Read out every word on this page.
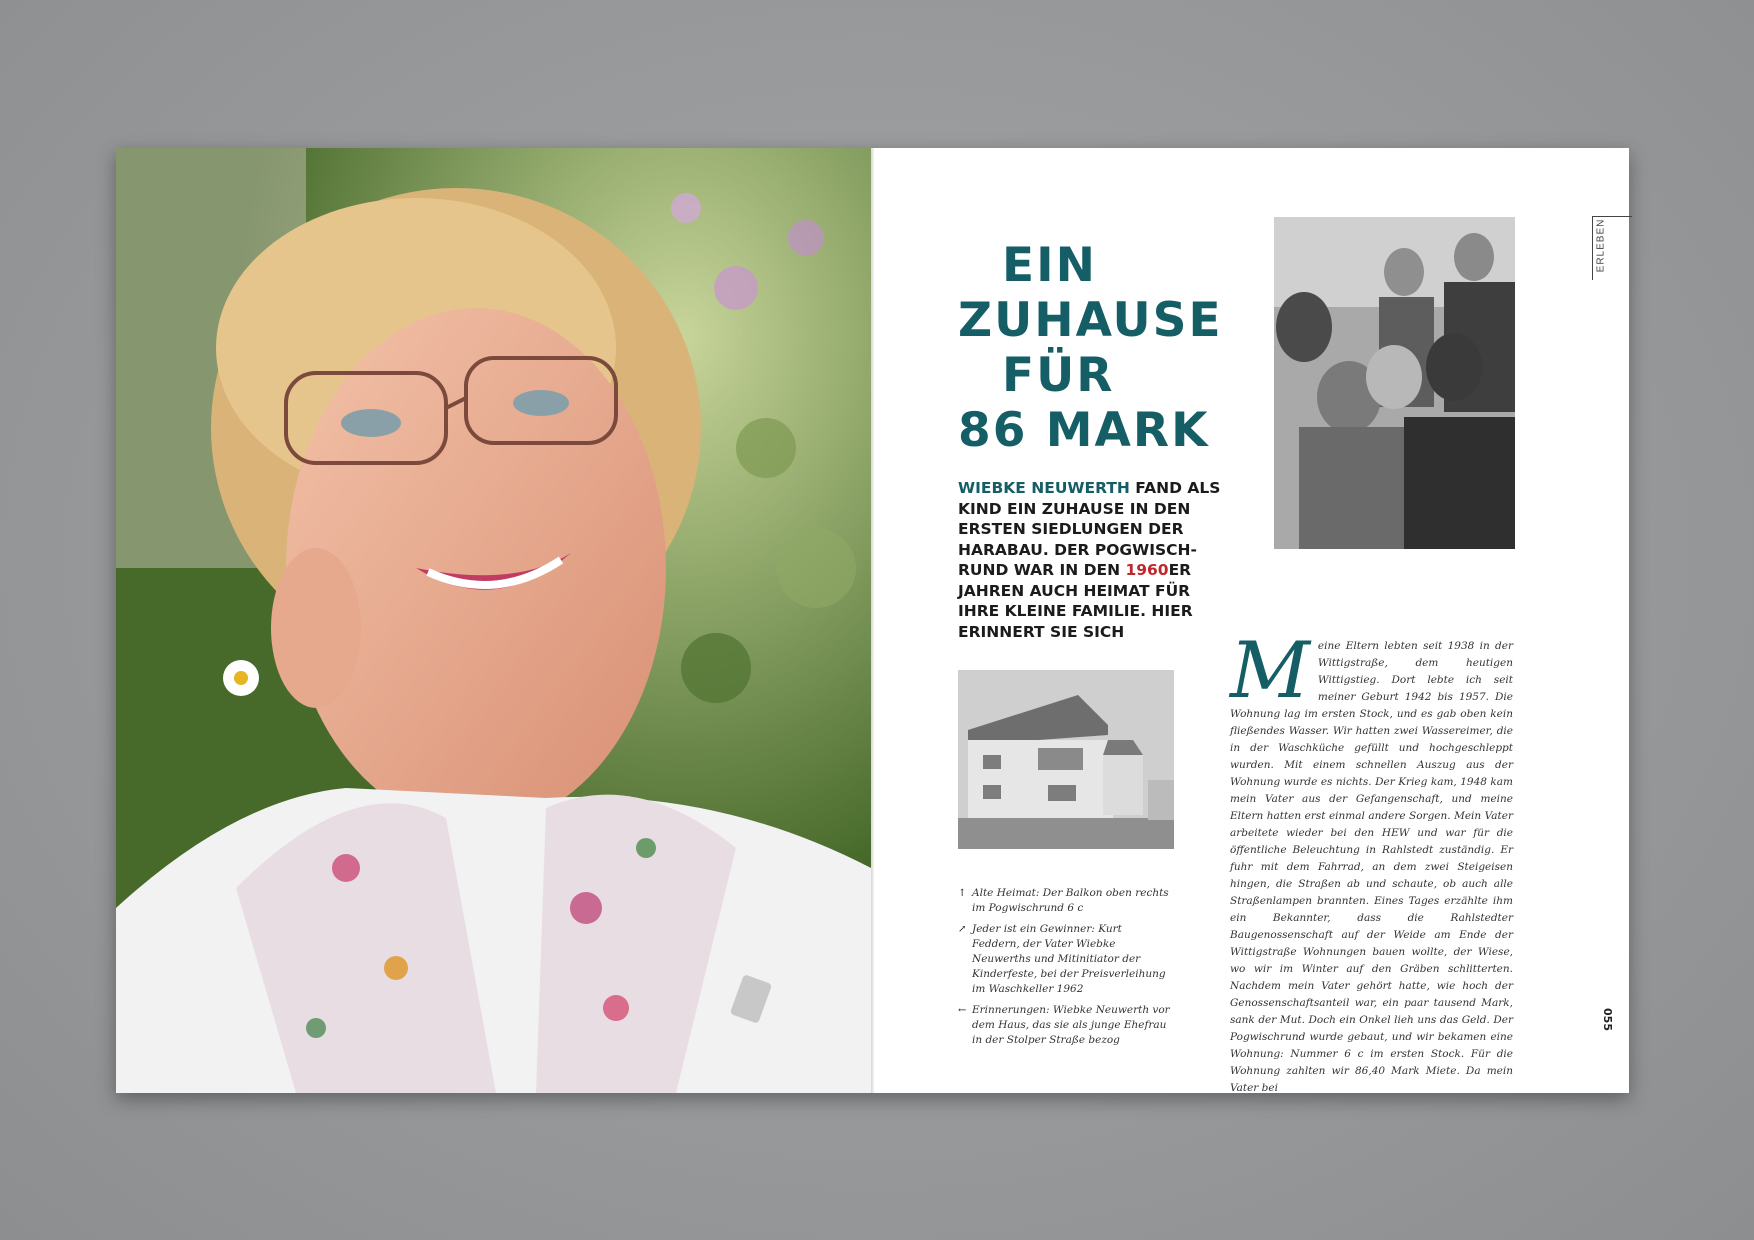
EIN
ZUHAUSE
FÜR
86 MARK

WIEBKE NEUWERTH FAND ALS KIND EIN ZUHAUSE IN DEN ERSTEN SIEDLUNGEN DER HARABAU. DER POGWISCHRUND WAR IN DEN 1960ER JAHREN AUCH HEIMAT FÜR IHRE KLEINE FAMILIE. HIER ERINNERT SIE SICH

↑ Alte Heimat: Der Balkon oben rechts im Pogwischrund 6 c
↗ Jeder ist ein Gewinner: Kurt Feddern, der Vater Wiebke Neuwerths und Mitinitiator der Kinderfeste, bei der Preisverleihung im Waschkeller 1962
← Erinnerungen: Wiebke Neuwerth vor dem Haus, das sie als junge Ehefrau in der Stolper Straße bezog

Meine Eltern lebten seit 1938 in der Wittigstraße, dem heutigen Wittigstieg. Dort lebte ich seit meiner Geburt 1942 bis 1957. Die Wohnung lag im ersten Stock, und es gab oben kein fließendes Wasser. Wir hatten zwei Wassereimer, die in der Waschküche gefüllt und hochgeschleppt wurden. Mit einem schnellen Auszug aus der Wohnung wurde es nichts. Der Krieg kam, 1948 kam mein Vater aus der Gefangenschaft, und meine Eltern hatten erst einmal andere Sorgen. Mein Vater arbeitete wieder bei den HEW und war für die öffentliche Beleuchtung in Rahlstedt zuständig. Er fuhr mit dem Fahrrad, an dem zwei Steigeisen hingen, die Straßen ab und schaute, ob auch alle Straßenlampen brannten. Eines Tages erzählte ihm ein Bekannter, dass die Rahlstedter Baugenossenschaft auf der Weide am Ende der Wittigstraße Wohnungen bauen wollte, der Wiese, wo wir im Winter auf den Gräben schlitterten. Nachdem mein Vater gehört hatte, wie hoch der Genossenschaftsanteil war, ein paar tausend Mark, sank der Mut. Doch ein Onkel lieh uns das Geld. Der Pogwischrund wurde gebaut, und wir bekamen eine Wohnung: Nummer 6 c im ersten Stock. Für die Wohnung zahlten wir 86,40 Mark Miete. Da mein Vater bei

ERLEBEN
055
